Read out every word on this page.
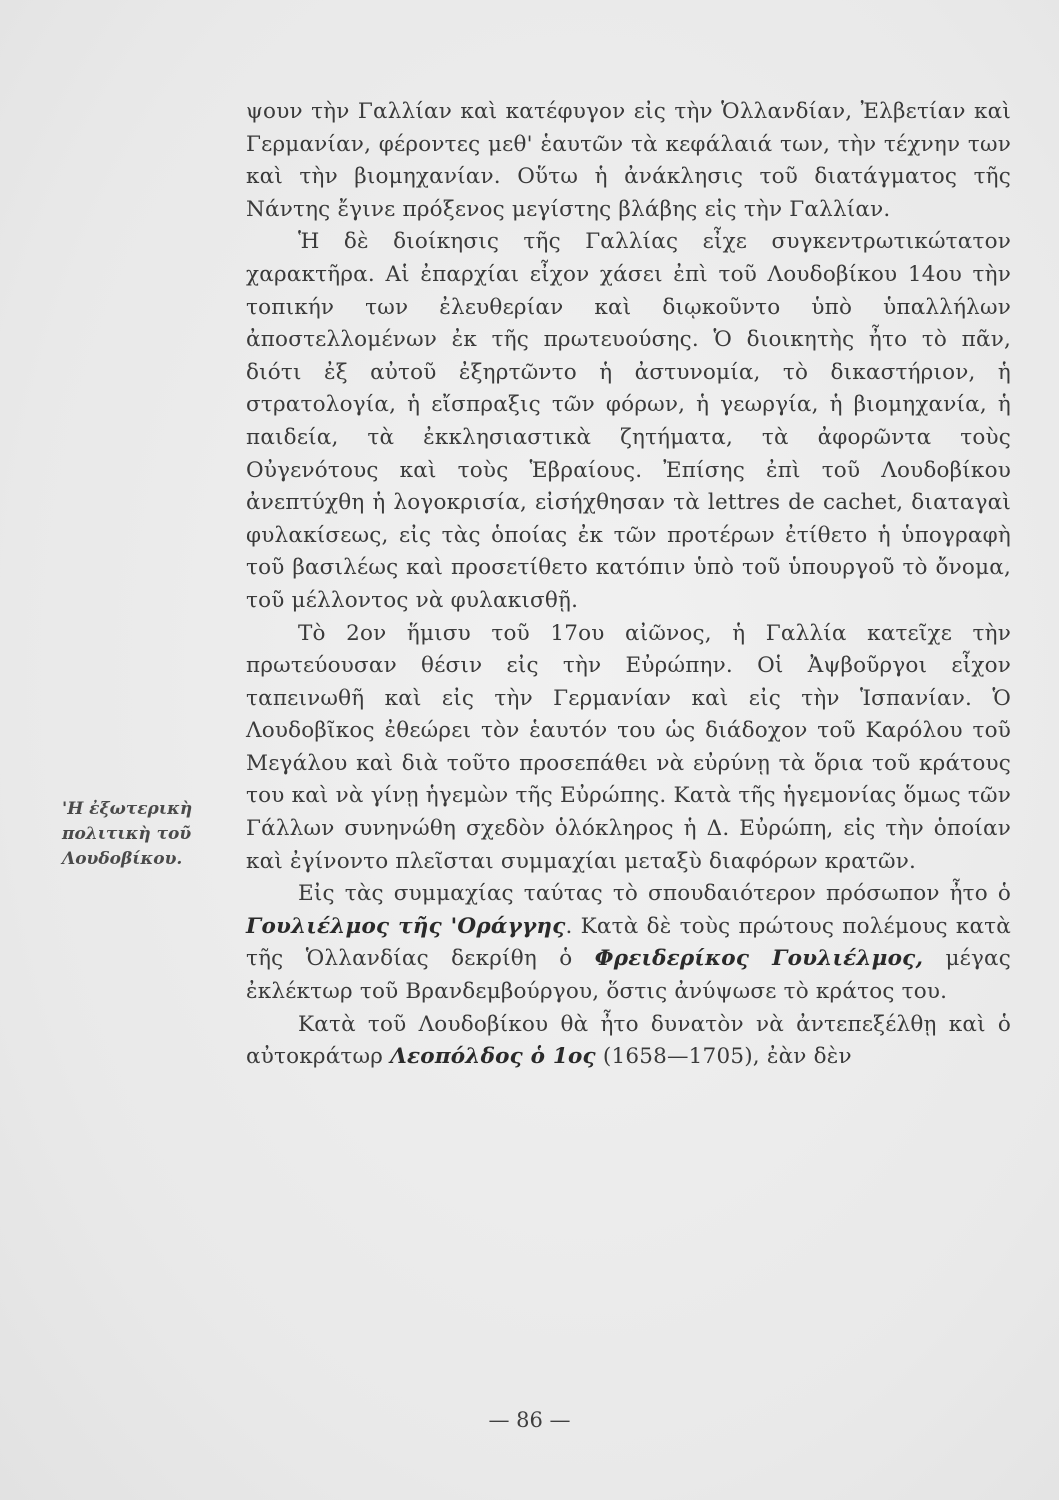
'Η ἐξωτερικὴ
πολιτικὴ τοῦ
Λουδοβίκου.

ψουν τὴν Γαλλίαν καὶ κατέφυγον εἰς τὴν Ὁλλανδίαν, Ἐλβετίαν καὶ Γερμανίαν, φέροντες μεθ' ἑαυτῶν τὰ κεφάλαιά των, τὴν τέχνην των καὶ τὴν βιομηχανίαν. Οὕτω ἡ ἀνάκλησις τοῦ διατάγματος τῆς Νάντης ἔγινε πρόξενος μεγίστης βλάβης εἰς τὴν Γαλλίαν.

Ἡ δὲ διοίκησις τῆς Γαλλίας εἶχε συγκεντρωτικώτατον χαρακτῆρα. Αἱ ἐπαρχίαι εἶχον χάσει ἐπὶ τοῦ Λουδοβίκου 14ου τὴν τοπικήν των ἐλευθερίαν καὶ διῳκοῦντο ὑπὸ ὑπαλλήλων ἀποστελλομένων ἐκ τῆς πρωτευούσης. Ὁ διοικητὴς ἦτο τὸ πᾶν, διότι ἐξ αὐτοῦ ἐξηρτῶντο ἡ ἀστυνομία, τὸ δικαστήριον, ἡ στρατολογία, ἡ εἴσπραξις τῶν φόρων, ἡ γεωργία, ἡ βιομηχανία, ἡ παιδεία, τὰ ἐκκλησιαστικὰ ζητήματα, τὰ ἀφορῶντα τοὺς Οὐγενότους καὶ τοὺς Ἑβραίους. Ἐπίσης ἐπὶ τοῦ Λουδοβίκου ἀνεπτύχθη ἡ λογοκρισία, εἰσήχθησαν τὰ lettres de cachet, διαταγαὶ φυλακίσεως, εἰς τὰς ὁποίας ἐκ τῶν προτέρων ἐτίθετο ἡ ὑπογραφὴ τοῦ βασιλέως καὶ προσετίθετο κατόπιν ὑπὸ τοῦ ὑπουργοῦ τὸ ὄνομα, τοῦ μέλλοντος νὰ φυλακισθῇ.

Τὸ 2ον ἥμισυ τοῦ 17ου αἰῶνος, ἡ Γαλλία κατεῖχε τὴν πρωτεύουσαν θέσιν εἰς τὴν Εὐρώπην. Οἱ Ἀψβοῦργοι εἶχον ταπεινωθῆ καὶ εἰς τὴν Γερμανίαν καὶ εἰς τὴν Ἱσπανίαν. Ὁ Λουδοβῖκος ἐθεώρει τὸν ἑαυτόν του ὡς διάδοχον τοῦ Καρόλου τοῦ Μεγάλου καὶ διὰ τοῦτο προσεπάθει νὰ εὐρύνῃ τὰ ὅρια τοῦ κράτους του καὶ νὰ γίνῃ ἡγεμὼν τῆς Εὐρώπης. Κατὰ τῆς ἡγεμονίας ὅμως τῶν Γάλλων συνηνώθη σχεδὸν ὁλόκληρος ἡ Δ. Εὐρώπη, εἰς τὴν ὁποίαν καὶ ἐγίνοντο πλεῖσται συμμαχίαι μεταξὺ διαφόρων κρατῶν.

Εἰς τὰς συμμαχίας ταύτας τὸ σπουδαιότερον πρόσωπον ἦτο ὁ Γουλιέλμος τῆς 'Οράγγης. Κατὰ δὲ τοὺς πρώτους πολέμους κατὰ τῆς Ὁλλανδίας δεκρίθη ὁ Φρειδερίκος Γουλιέλμος, μέγας ἐκλέκτωρ τοῦ Βρανδεμβούργου, ὅστις ἀνύψωσε τὸ κράτος του.

Κατὰ τοῦ Λουδοβίκου θὰ ἦτο δυνατὸν νὰ ἀντεπεξέλθῃ καὶ ὁ αὐτοκράτωρ Λεοπόλδος ὁ 1ος (1658—1705), ἐὰν δὲν

— 86 —
